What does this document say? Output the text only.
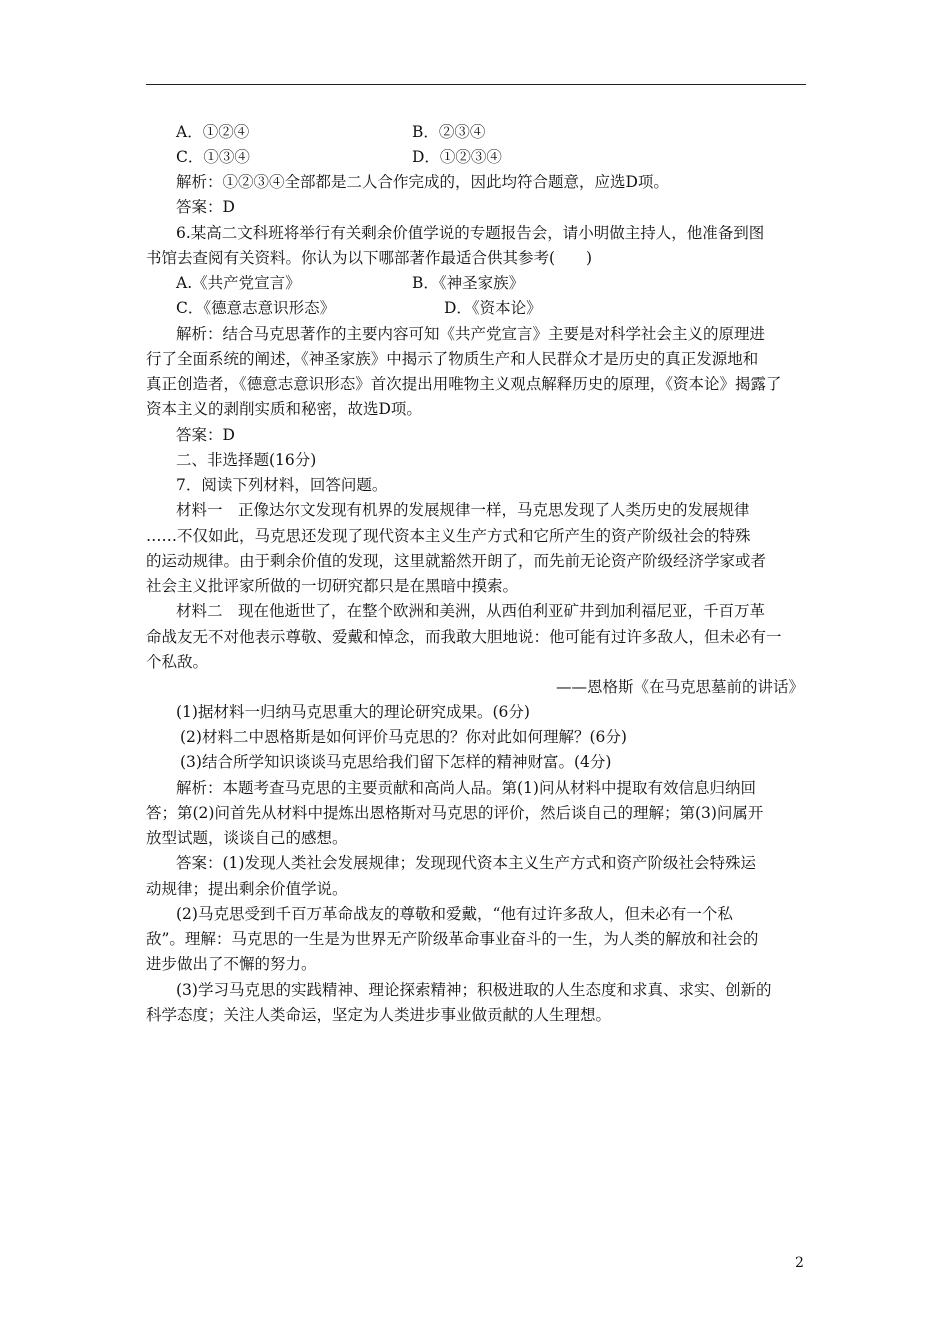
A．①②④	B．②③④
C．①③④	D．①②③④
解析：①②③④全部都是二人合作完成的，因此均符合题意，应选D项。
答案：D
6.某高二文科班将举行有关剩余价值学说的专题报告会，请小明做主持人，他准备到图
书馆去查阅有关资料。你认为以下哪部著作最适合供其参考(　　)
A.《共产党宣言》	B．《神圣家族》
C．《德意志意识形态》	D．《资本论》
解析：结合马克思著作的主要内容可知《共产党宣言》主要是对科学社会主义的原理进
行了全面系统的阐述，《神圣家族》中揭示了物质生产和人民群众才是历史的真正发源地和
真正创造者，《德意志意识形态》首次提出用唯物主义观点解释历史的原理，《资本论》揭露了
资本主义的剥削实质和秘密，故选D项。
答案：D
二、非选择题(16分)
7．阅读下列材料，回答问题。
材料一　正像达尔文发现有机界的发展规律一样，马克思发现了人类历史的发展规律
……不仅如此，马克思还发现了现代资本主义生产方式和它所产生的资产阶级社会的特殊
的运动规律。由于剩余价值的发现，这里就豁然开朗了，而先前无论资产阶级经济学家或者
社会主义批评家所做的一切研究都只是在黑暗中摸索。
材料二　现在他逝世了，在整个欧洲和美洲，从西伯利亚矿井到加利福尼亚，千百万革
命战友无不对他表示尊敬、爱戴和悼念，而我敢大胆地说：他可能有过许多敌人，但未必有一
个私敌。
——恩格斯《在马克思墓前的讲话》
(1)据材料一归纳马克思重大的理论研究成果。(6分)
(2)材料二中恩格斯是如何评价马克思的？你对此如何理解？(6分)
(3)结合所学知识谈谈马克思给我们留下怎样的精神财富。(4分)
解析：本题考查马克思的主要贡献和高尚人品。第(1)问从材料中提取有效信息归纳回
答；第(2)问首先从材料中提炼出恩格斯对马克思的评价，然后谈自己的理解；第(3)问属开
放型试题，谈谈自己的感想。
答案：(1)发现人类社会发展规律；发现现代资本主义生产方式和资产阶级社会特殊运
动规律；提出剩余价值学说。
(2)马克思受到千百万革命战友的尊敬和爱戴，“他有过许多敌人，但未必有一个私
敌”。理解：马克思的一生是为世界无产阶级革命事业奋斗的一生，为人类的解放和社会的
进步做出了不懈的努力。
(3)学习马克思的实践精神、理论探索精神；积极进取的人生态度和求真、求实、创新的
科学态度；关注人类命运，坚定为人类进步事业做贡献的人生理想。
2
